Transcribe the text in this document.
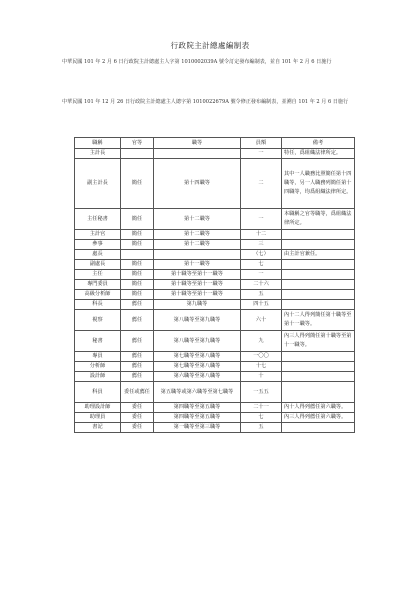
行政院主計總處編制表
中華民國 101 年 2 月 6 日行政院主計總處主人字第 1010002039A 號令訂定發布編制表，並自 101 年 2 月 6 日施行
中華民國 101 年 12 月 26 日行政院主計總處主人總字第 1010022679A 號令修正發布編制表，並溯自 101 年 2 月 6 日施行
職稱	官等	職等	員額	備考
主計長			一	特任，爲組織法律所定。
副主計長	簡任	第十四職等	二	其中一人職務比照簡任第十四職等，另一人職務列簡任第十四職等，均爲組織法律所定。
主任秘書	簡任	第十二職等	一	本職稱之官等職等，爲組織法律所定。
主計官	簡任	第十二職等	十二	
參事	簡任	第十二職等	三	
處長			（七）	由主計官兼任。
副處長	簡任	第十一職等	七	
主任	簡任	第十職等至第十一職等	一	
專門委員	簡任	第十職等至第十一職等	二十六	
高級分析師	簡任	第十職等至第十一職等	五	
科長	薦任	第九職等	四十五	
視察	薦任	第八職等至第九職等	六十	內十二人得列簡任第十職等至第十一職等。
秘書	薦任	第八職等至第九職等	九	內三人得列簡任第十職等至第十一職等。
專員	薦任	第七職等至第八職等	一〇〇	
分析師	薦任	第七職等至第八職等	十七	
設計師	薦任	第六職等至第八職等	十	
科員	委任或薦任	第五職等或第六職等至第七職等	一五五	
助理設計師	委任	第四職等至第五職等	二十一	內十人得列薦任第六職等。
助理員	委任	第四職等至第五職等	七	內三人得列薦任第六職等。
書記	委任	第一職等至第三職等	五	
